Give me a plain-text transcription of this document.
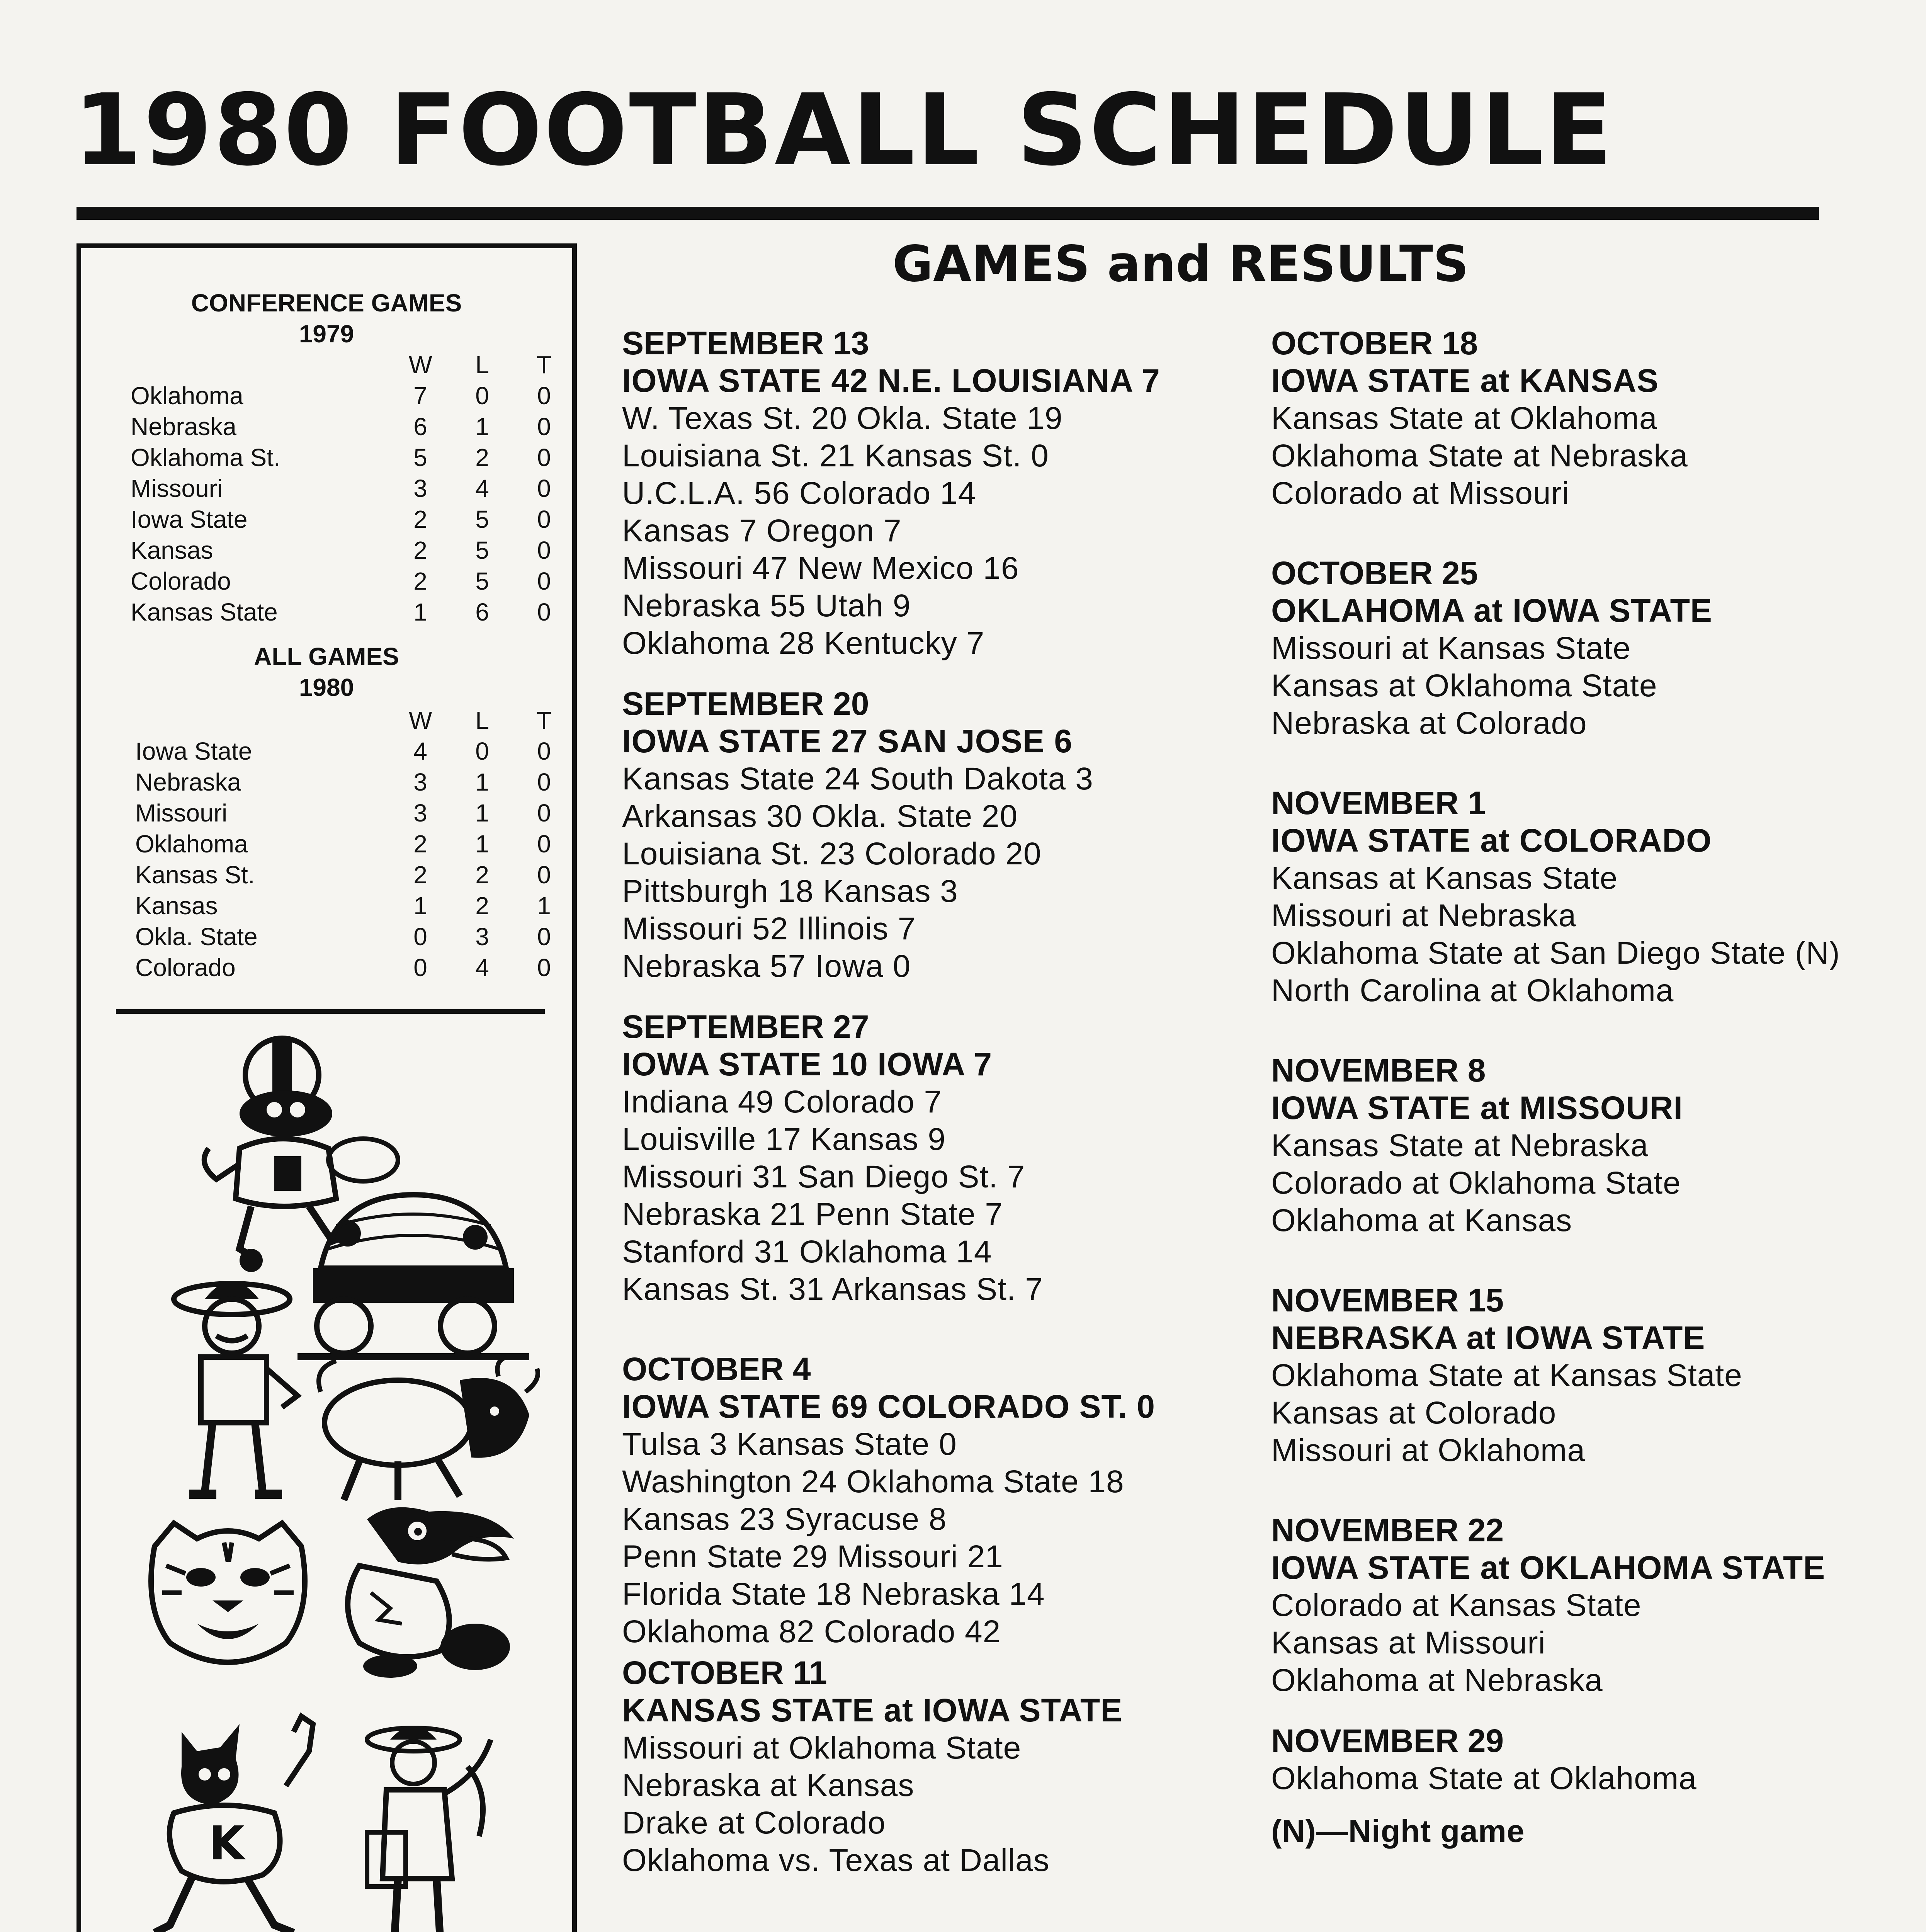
1980 FOOTBALL SCHEDULE
CONFERENCE GAMES
1979
W L T
Oklahoma	7 0 0
Nebraska	6 1 0
Oklahoma St.	5 2 0
Missouri	3 4 0
Iowa State	2 5 0
Kansas	2 5 0
Colorado	2 5 0
Kansas State	1 6 0
ALL GAMES
1980
W L T
Iowa State	4 0 0
Nebraska	3 1 0
Missouri	3 1 0
Oklahoma	2 1 0
Kansas St.	2 2 0
Kansas	1 2 1
Okla. State	0 3 0
Colorado	0 4 0
K
GAMES and RESULTS
SEPTEMBER 13
IOWA STATE 42 N.E. LOUISIANA 7
W. Texas St. 20 Okla. State 19
Louisiana St. 21 Kansas St. 0
U.C.L.A. 56 Colorado 14
Kansas 7 Oregon 7
Missouri 47 New Mexico 16
Nebraska 55 Utah 9
Oklahoma 28 Kentucky 7
SEPTEMBER 20
IOWA STATE 27 SAN JOSE 6
Kansas State 24 South Dakota 3
Arkansas 30 Okla. State 20
Louisiana St. 23 Colorado 20
Pittsburgh 18 Kansas 3
Missouri 52 Illinois 7
Nebraska 57 Iowa 0
SEPTEMBER 27
IOWA STATE 10 IOWA 7
Indiana 49 Colorado 7
Louisville 17 Kansas 9
Missouri 31 San Diego St. 7
Nebraska 21 Penn State 7
Stanford 31 Oklahoma 14
Kansas St. 31 Arkansas St. 7
OCTOBER 4
IOWA STATE 69 COLORADO ST. 0
Tulsa 3 Kansas State 0
Washington 24 Oklahoma State 18
Kansas 23 Syracuse 8
Penn State 29 Missouri 21
Florida State 18 Nebraska 14
Oklahoma 82 Colorado 42
OCTOBER 11
KANSAS STATE at IOWA STATE
Missouri at Oklahoma State
Nebraska at Kansas
Drake at Colorado
Oklahoma vs. Texas at Dallas
OCTOBER 18
IOWA STATE at KANSAS
Kansas State at Oklahoma
Oklahoma State at Nebraska
Colorado at Missouri
OCTOBER 25
OKLAHOMA at IOWA STATE
Missouri at Kansas State
Kansas at Oklahoma State
Nebraska at Colorado
NOVEMBER 1
IOWA STATE at COLORADO
Kansas at Kansas State
Missouri at Nebraska
Oklahoma State at San Diego State (N)
North Carolina at Oklahoma
NOVEMBER 8
IOWA STATE at MISSOURI
Kansas State at Nebraska
Colorado at Oklahoma State
Oklahoma at Kansas
NOVEMBER 15
NEBRASKA at IOWA STATE
Oklahoma State at Kansas State
Kansas at Colorado
Missouri at Oklahoma
NOVEMBER 22
IOWA STATE at OKLAHOMA STATE
Colorado at Kansas State
Kansas at Missouri
Oklahoma at Nebraska
NOVEMBER 29
Oklahoma State at Oklahoma
(N)—Night game
